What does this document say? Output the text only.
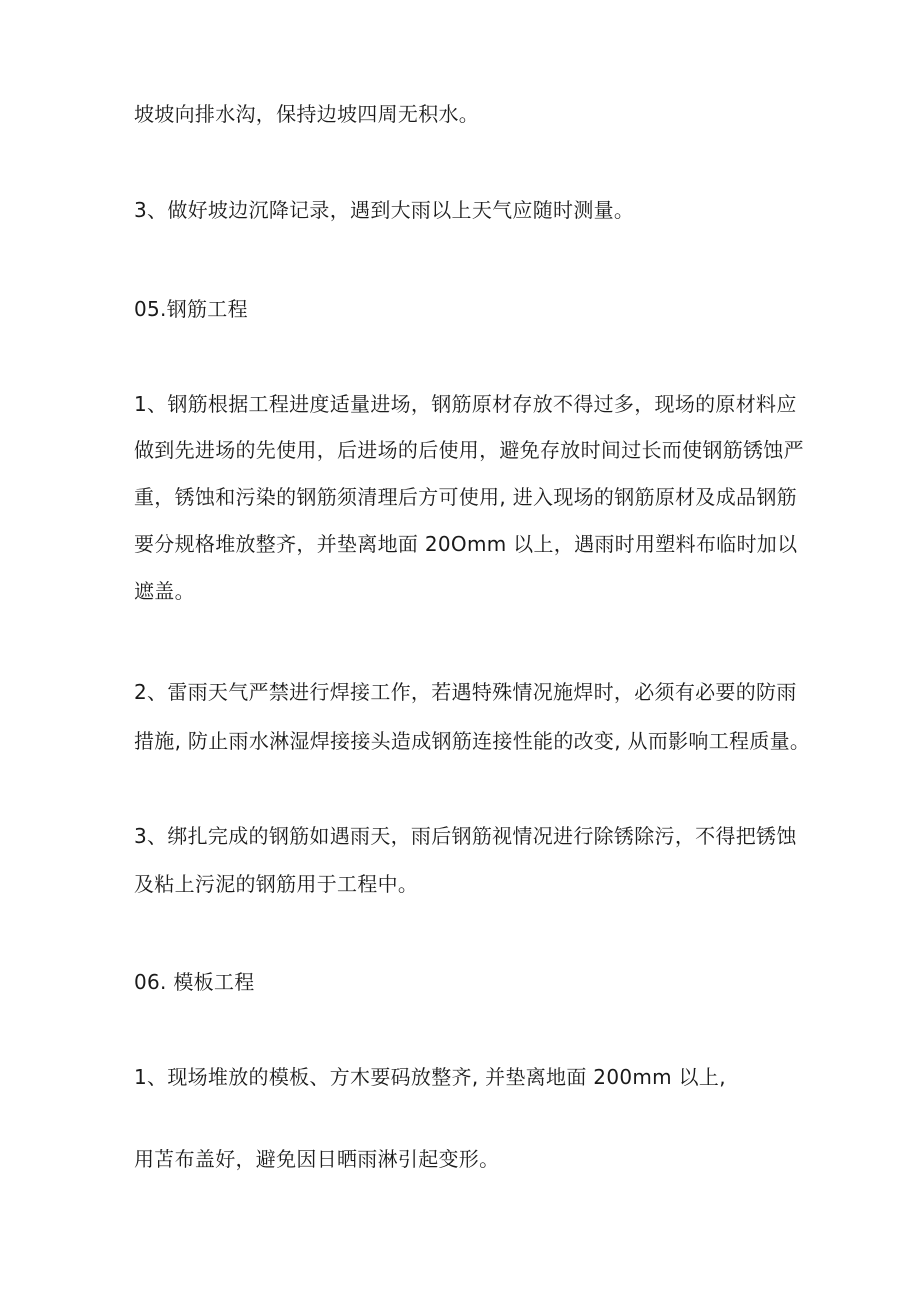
坡坡向排水沟，保持边坡四周无积水。
3、做好坡边沉降记录，遇到大雨以上天气应随时测量。
05.钢筋工程
1、钢筋根据工程进度适量进场，钢筋原材存放不得过多，现场的原材料应
做到先进场的先使用，后进场的后使用，避免存放时间过长而使钢筋锈蚀严
重，锈蚀和污染的钢筋须清理后方可使用, 进入现场的钢筋原材及成品钢筋
要分规格堆放整齐，并垫离地面 20Omm 以上，遇雨时用塑料布临时加以
遮盖。
2、雷雨天气严禁进行焊接工作，若遇特殊情况施焊时，必须有必要的防雨
措施, 防止雨水淋湿焊接接头造成钢筋连接性能的改变, 从而影响工程质量。
3、绑扎完成的钢筋如遇雨天，雨后钢筋视情况进行除锈除污，不得把锈蚀
及粘上污泥的钢筋用于工程中。
06. 模板工程
1、现场堆放的模板、方木要码放整齐, 并垫离地面 200mm 以上,
用苫布盖好，避免因日晒雨淋引起变形。
